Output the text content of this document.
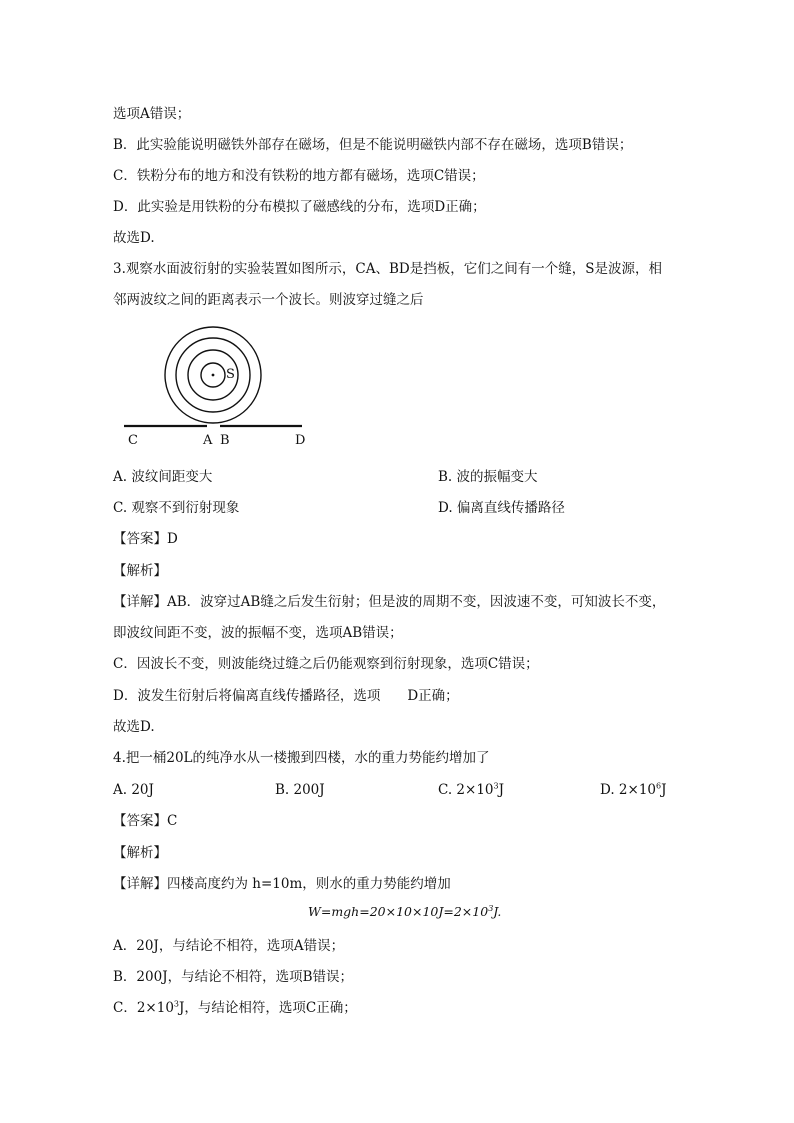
选项A错误；
B．此实验能说明磁铁外部存在磁场，但是不能说明磁铁内部不存在磁场，选项B错误；
C．铁粉分布的地方和没有铁粉的地方都有磁场，选项C错误；
D．此实验是用铁粉的分布模拟了磁感线的分布，选项D正确；
故选D.
3.观察水面波衍射的实验装置如图所示，CA、BD是挡板，它们之间有一个缝，S是波源，相
邻两波纹之间的距离表示一个波长。则波穿过缝之后
S
C	A B	D
A. 波纹间距变大	B. 波的振幅变大
C. 观察不到衍射现象	D. 偏离直线传播路径
【答案】D
【解析】
【详解】AB．波穿过AB缝之后发生衍射；但是波的周期不变，因波速不变，可知波长不变，
即波纹间距不变，波的振幅不变，选项AB错误；
C．因波长不变，则波能绕过缝之后仍能观察到衍射现象，选项C错误；
D．波发生衍射后将偏离直线传播路径，选项　　D正确；
故选D.
4.把一桶20L的纯净水从一楼搬到四楼，水的重力势能约增加了
A. 20J	B. 200J	C. $2\times 10^3J$	D. $2\times 10^6J$
【答案】C
【解析】
【详解】四楼高度约为 h=10m，则水的重力势能约增加
$W=mgh=20\times 10\times 10J=2\times 10^3J$.
A．20J，与结论不相符，选项A错误；
B．200J，与结论不相符，选项B错误；
C．$2\times 10^3J$，与结论相符，选项C正确；
